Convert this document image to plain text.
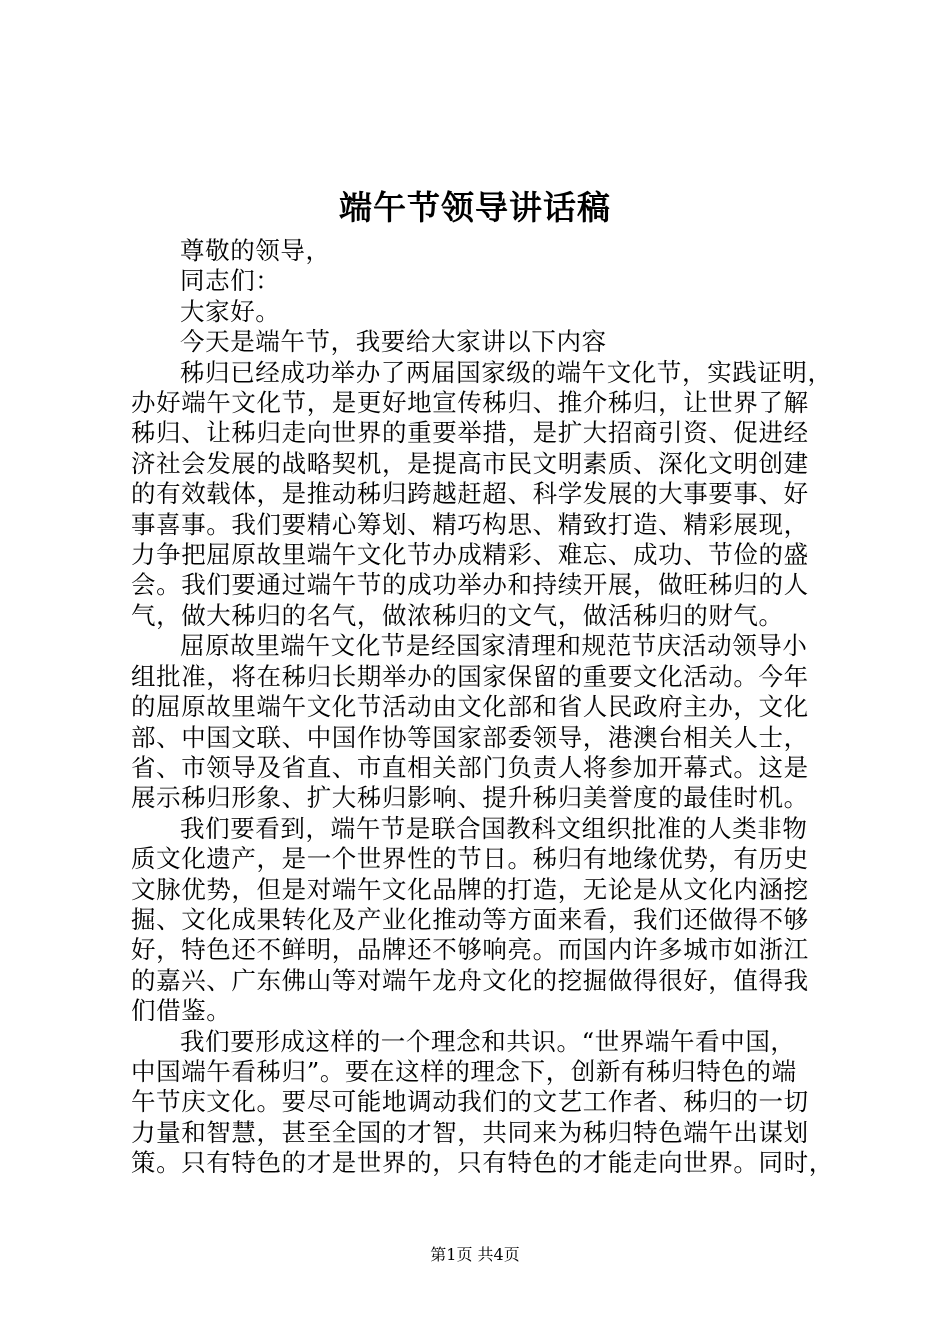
端午节领导讲话稿
尊敬的领导，
同志们：
大家好。
今天是端午节，我要给大家讲以下内容
秭归已经成功举办了两届国家级的端午文化节，实践证明，
办好端午文化节，是更好地宣传秭归、推介秭归，让世界了解
秭归、让秭归走向世界的重要举措，是扩大招商引资、促进经
济社会发展的战略契机，是提高市民文明素质、深化文明创建
的有效载体，是推动秭归跨越赶超、科学发展的大事要事、好
事喜事。我们要精心筹划、精巧构思、精致打造、精彩展现，
力争把屈原故里端午文化节办成精彩、难忘、成功、节俭的盛
会。我们要通过端午节的成功举办和持续开展，做旺秭归的人
气，做大秭归的名气，做浓秭归的文气，做活秭归的财气。
屈原故里端午文化节是经国家清理和规范节庆活动领导小
组批准，将在秭归长期举办的国家保留的重要文化活动。今年
的屈原故里端午文化节活动由文化部和省人民政府主办，文化
部、中国文联、中国作协等国家部委领导，港澳台相关人士，
省、市领导及省直、市直相关部门负责人将参加开幕式。这是
展示秭归形象、扩大秭归影响、提升秭归美誉度的最佳时机。
我们要看到，端午节是联合国教科文组织批准的人类非物
质文化遗产，是一个世界性的节日。秭归有地缘优势，有历史
文脉优势，但是对端午文化品牌的打造，无论是从文化内涵挖
掘、文化成果转化及产业化推动等方面来看，我们还做得不够
好，特色还不鲜明，品牌还不够响亮。而国内许多城市如浙江
的嘉兴、广东佛山等对端午龙舟文化的挖掘做得很好，值得我
们借鉴。
我们要形成这样的一个理念和共识。“世界端午看中国，
中国端午看秭归”。要在这样的理念下，创新有秭归特色的端
午节庆文化。要尽可能地调动我们的文艺工作者、秭归的一切
力量和智慧，甚至全国的才智，共同来为秭归特色端午出谋划
策。只有特色的才是世界的，只有特色的才能走向世界。同时，
第1页 共4页
